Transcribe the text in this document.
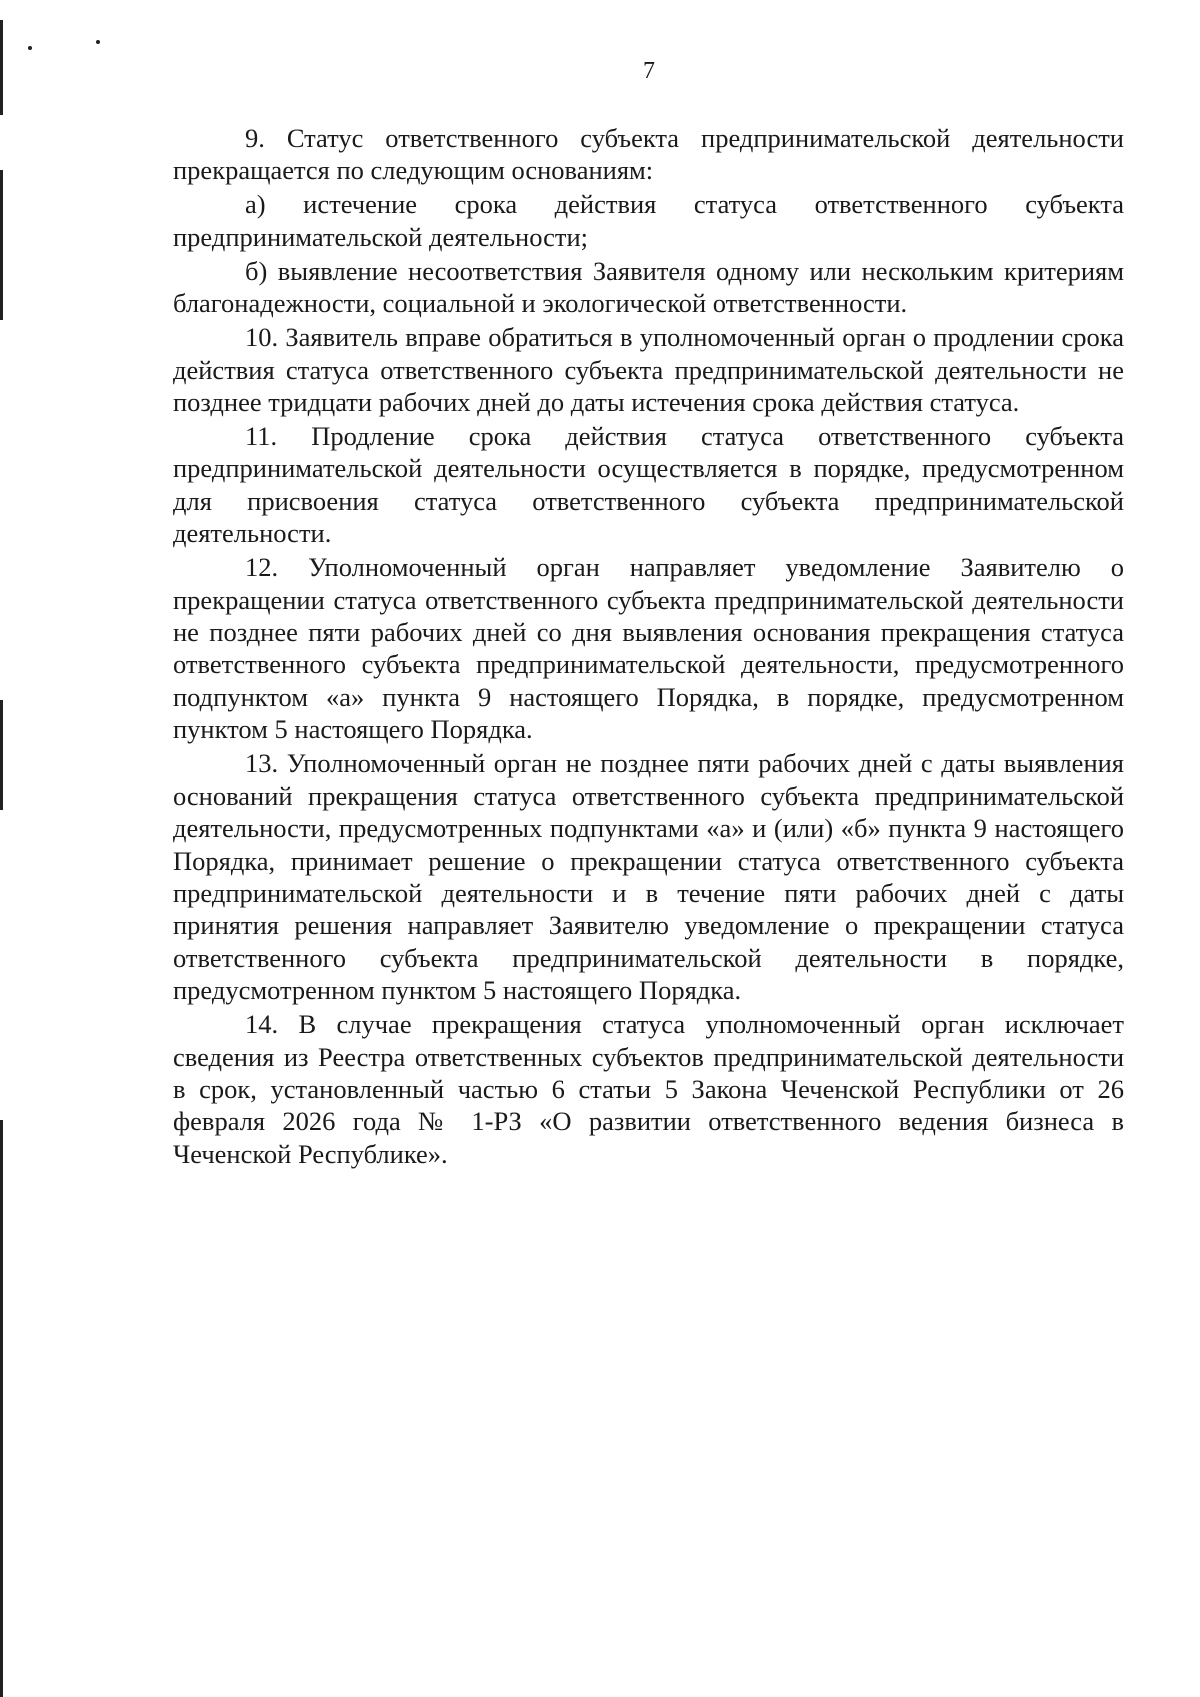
7

9. Статус ответственного субъекта предпринимательской деятельности прекращается по следующим основаниям:

а) истечение срока действия статуса ответственного субъекта предпринимательской деятельности;

б) выявление несоответствия Заявителя одному или нескольким критериям благонадежности, социальной и экологической ответственности.

10. Заявитель вправе обратиться в уполномоченный орган о продлении срока действия статуса ответственного субъекта предпринимательской деятельности не позднее тридцати рабочих дней до даты истечения срока действия статуса.

11. Продление срока действия статуса ответственного субъекта предпринимательской деятельности осуществляется в порядке, предусмотренном для присвоения статуса ответственного субъекта предпринимательской деятельности.

12. Уполномоченный орган направляет уведомление Заявителю о прекращении статуса ответственного субъекта предпринимательской деятельности не позднее пяти рабочих дней со дня выявления основания прекращения статуса ответственного субъекта предпринимательской деятельности, предусмотренного подпунктом «а» пункта 9 настоящего Порядка, в порядке, предусмотренном пунктом 5 настоящего Порядка.

13. Уполномоченный орган не позднее пяти рабочих дней с даты выявления оснований прекращения статуса ответственного субъекта предпринимательской деятельности, предусмотренных подпунктами «а» и (или) «б» пункта 9 настоящего Порядка, принимает решение о прекращении статуса ответственного субъекта предпринимательской деятельности и в течение пяти рабочих дней с даты принятия решения направляет Заявителю уведомление о прекращении статуса ответственного субъекта предпринимательской деятельности в порядке, предусмотренном пунктом 5 настоящего Порядка.

14. В случае прекращения статуса уполномоченный орган исключает сведения из Реестра ответственных субъектов предпринимательской деятельности в срок, установленный частью 6 статьи 5 Закона Чеченской Республики от 26 февраля 2026 года № 1-РЗ «О развитии ответственного ведения бизнеса в Чеченской Республике».
